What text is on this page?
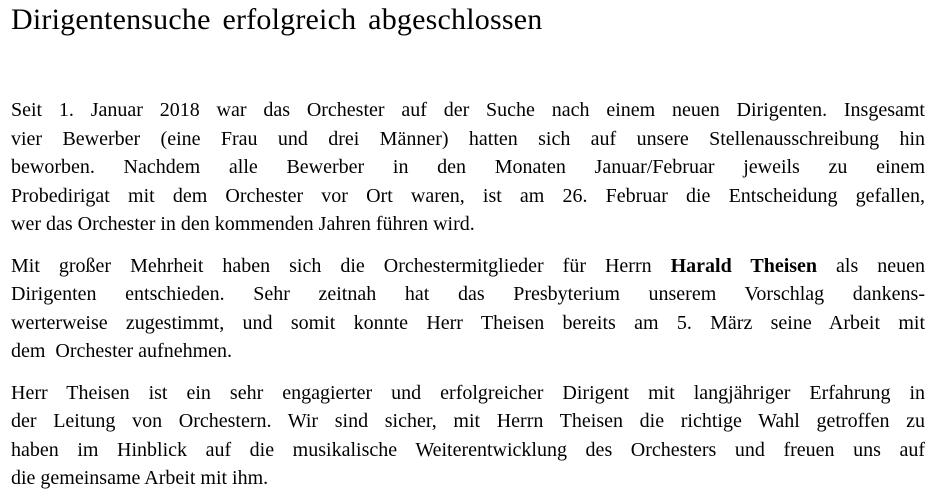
Dirigentensuche erfolgreich abgeschlossen
Seit 1. Januar 2018 war das Orchester auf der Suche nach einem neuen Dirigenten. Insgesamt
vier Bewerber (eine Frau und drei Männer) hatten sich auf unsere Stellenausschreibung hin
beworben. Nachdem alle Bewerber in den Monaten Januar/Februar jeweils zu einem
Probedirigat mit dem Orchester vor Ort waren, ist am 26. Februar die Entscheidung gefallen,
wer das Orchester in den kommenden Jahren führen wird.
Mit großer Mehrheit haben sich die Orchestermitglieder für Herrn Harald Theisen als neuen
Dirigenten entschieden. Sehr zeitnah hat das Presbyterium unserem Vorschlag dankens-
werterweise zugestimmt, und somit konnte Herr Theisen bereits am 5. März seine Arbeit mit
dem  Orchester aufnehmen.
Herr Theisen ist ein sehr engagierter und erfolgreicher Dirigent mit langjähriger Erfahrung in
der Leitung von Orchestern. Wir sind sicher, mit Herrn Theisen die richtige Wahl getroffen zu
haben im Hinblick auf die musikalische Weiterentwicklung des Orchesters und freuen uns auf
die gemeinsame Arbeit mit ihm.
